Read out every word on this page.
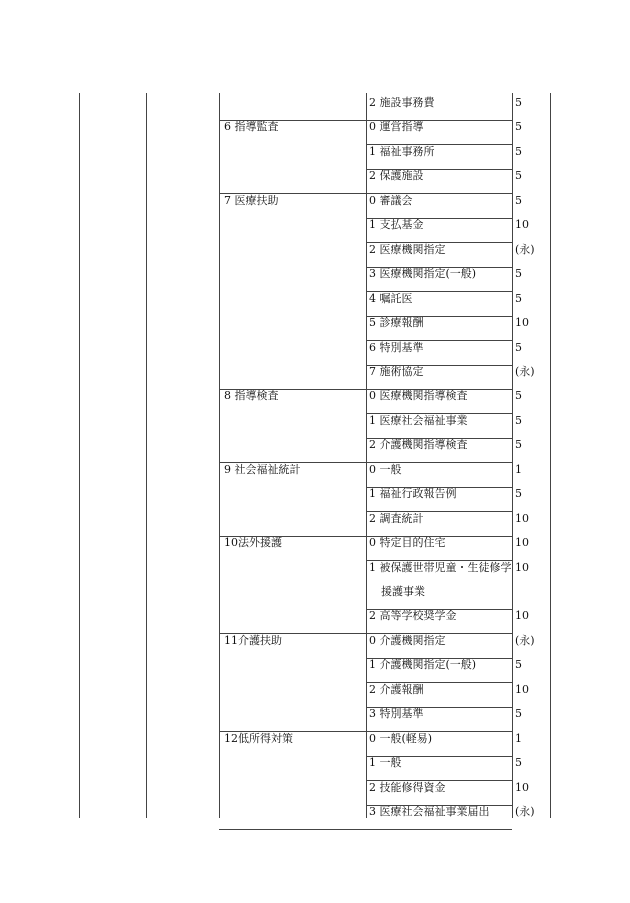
2 施設事務費	5
6 指導監査	0 運営指導	5
1 福祉事務所	5
2 保護施設	5
7 医療扶助	0 審議会	5
1 支払基金	10
2 医療機関指定	(永)
3 医療機関指定(一般)	5
4 嘱託医	5
5 診療報酬	10
6 特別基準	5
7 施術協定	(永)
8 指導検査	0 医療機関指導検査	5
1 医療社会福祉事業	5
2 介護機関指導検査	5
9 社会福祉統計	0 一般	1
1 福祉行政報告例	5
2 調査統計	10
10法外援護	0 特定目的住宅	10
1 被保護世帯児童・生徒修学 10
援護事業
2 高等学校奨学金	10
11介護扶助	0 介護機関指定	(永)
1 介護機関指定(一般)	5
2 介護報酬	10
3 特別基準	5
12低所得対策	0 一般(軽易)	1
1 一般	5
2 技能修得資金	10
3 医療社会福祉事業届出 (永)
